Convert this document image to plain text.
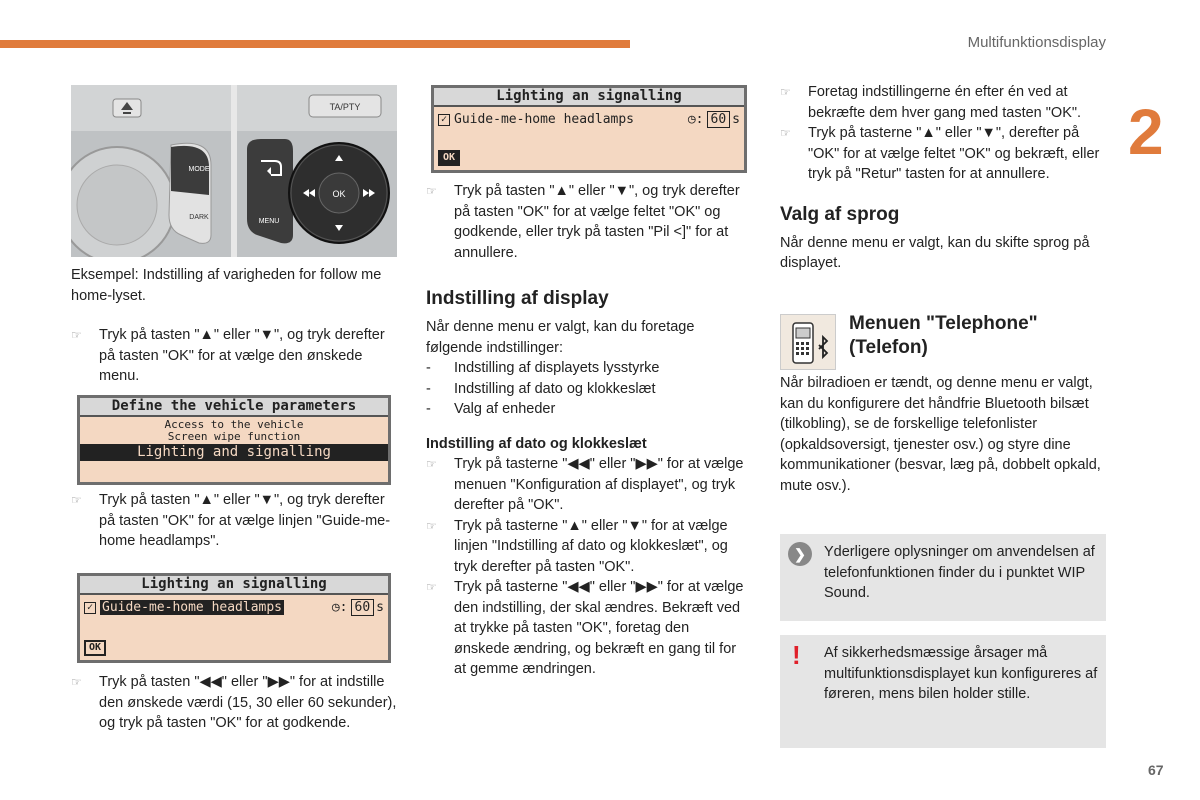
Multifunktionsdisplay
2
67
TA/PTY
MODE
DARK
MENU
OK

Eksempel: Indstilling af varigheden for follow me home-lyset.

☞ Tryk på tasten "▲" eller "▼", og tryk derefter på tasten "OK" for at vælge den ønskede menu.
Define the vehicle parameters
Access to the vehicle
Screen wipe function
Lighting and signalling
☞ Tryk på tasten "▲" eller "▼", og tryk derefter på tasten "OK" for at vælge linjen "Guide-me-home headlamps".
Lighting an signalling
✓ Guide-me-home headlamps	◷: 60 s
OK
☞ Tryk på tasten "◀◀" eller "▶▶" for at indstille den ønskede værdi (15, 30 eller 60 sekunder), og tryk på tasten "OK" for at godkende.
Lighting an signalling
✓ Guide-me-home headlamps	◷: 60 s
OK
☞ Tryk på tasten "▲" eller "▼", og tryk derefter på tasten "OK" for at vælge feltet "OK" og godkende, eller tryk på tasten "Pil <]" for at annullere.
Indstilling af display

Når denne menu er valgt, kan du foretage følgende indstillinger:

- Indstilling af displayets lysstyrke
- Indstilling af dato og klokkeslæt
- Valg af enheder
Indstilling af dato og klokkeslæt
☞ Tryk på tasterne "◀◀" eller "▶▶" for at vælge menuen "Konfiguration af displayet", og tryk derefter på "OK".
☞ Tryk på tasterne "▲" eller "▼" for at vælge linjen "Indstilling af dato og klokkeslæt", og tryk derefter på tasten "OK".
☞ Tryk på tasterne "◀◀" eller "▶▶" for at vælge den indstilling, der skal ændres. Bekræft ved at trykke på tasten "OK", foretag den ønskede ændring, og bekræft en gang til for at gemme ændringen.
☞ Foretag indstillingerne én efter én ved at bekræfte dem hver gang med tasten "OK".
☞ Tryk på tasterne "▲" eller "▼", derefter på "OK" for at vælge feltet "OK" og bekræft, eller tryk på "Retur" tasten for at annullere.
Valg af sprog

Når denne menu er valgt, kan du skifte sprog på displayet.

Menuen "Telephone" (Telefon)

Når bilradioen er tændt, og denne menu er valgt, kan du konfigurere det håndfrie Bluetooth bilsæt (tilkobling), se de forskellige telefonlister (opkaldsoversigt, tjenester osv.) og styre dine kommunikationer (besvar, læg på, dobbelt opkald, mute osv.).

❯	Yderligere oplysninger om anvendelsen af telefonfunktionen finder du i punktet WIP Sound.
! Af sikkerhedsmæssige årsager må multifunktionsdisplayet kun konfigureres af føreren, mens bilen holder stille.
